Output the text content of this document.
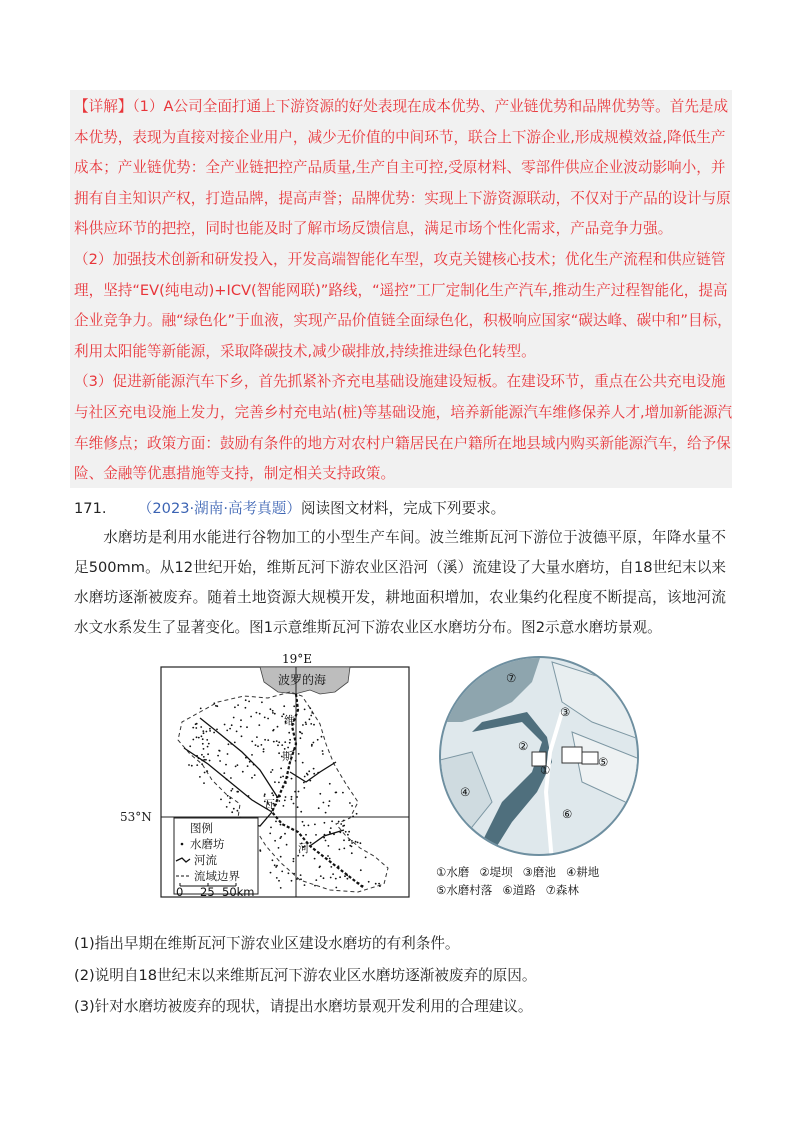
【详解】（1）A公司全面打通上下游资源的好处表现在成本优势、产业链优势和品牌优势等。首先是成本优势，表现为直接对接企业用户，减少无价值的中间环节，联合上下游企业,形成规模效益,降低生产成本；产业链优势：全产业链把控产品质量,生产自主可控,受原材料、零部件供应企业波动影响小，并拥有自主知识产权，打造品牌，提高声誉；品牌优势：实现上下游资源联动，不仅对于产品的设计与原料供应环节的把控，同时也能及时了解市场反馈信息，满足市场个性化需求，产品竞争力强。

（2）加强技术创新和研发投入，开发高端智能化车型，攻克关键核心技术；优化生产流程和供应链管理，坚持“EV(纯电动)+ICV(智能网联)”路线，“遥控”工厂定制化生产汽车,推动生产过程智能化，提高企业竞争力。融“绿色化”于血液，实现产品价值链全面绿色化，积极响应国家“碳达峰、碳中和”目标，利用太阳能等新能源，采取降碳技术,减少碳排放,持续推进绿色化转型。

（3）促进新能源汽车下乡，首先抓紧补齐充电基础设施建设短板。在建设环节，重点在公共充电设施与社区充电设施上发力，完善乡村充电站(桩)等基础设施，培养新能源汽车维修保养人才,增加新能源汽车维修点；政策方面：鼓励有条件的地方对农村户籍居民在户籍所在地县域内购买新能源汽车，给予保险、金融等优惠措施等支持，制定相关支持政策。

171. （2023·湖南·高考真题）阅读图文材料，完成下列要求。

水磨坊是利用水能进行谷物加工的小型生产车间。波兰维斯瓦河下游位于波德平原，年降水量不足500mm。从12世纪开始，维斯瓦河下游农业区沿河（溪）流建设了大量水磨坊，自18世纪末以来水磨坊逐渐被废弃。随着土地资源大规模开发，耕地面积增加，农业集约化程度不断提高，该地河流水文水系发生了显著变化。图1示意维斯瓦河下游农业区水磨坊分布。图2示意水磨坊景观。

波罗的海
19°E
维
斯
瓦
河
图例
水磨坊
河流
流域边界
0 25 50km
⑦
③
②
①
⑤
④
⑥
①水磨 ②堤坝 ③磨池 ④耕地
⑤水磨村落 ⑥道路 ⑦森林
53°N
(1)指出早期在维斯瓦河下游农业区建设水磨坊的有利条件。
(2)说明自18世纪末以来维斯瓦河下游农业区水磨坊逐渐被废弃的原因。
(3)针对水磨坊被废弃的现状，请提出水磨坊景观开发利用的合理建议。
